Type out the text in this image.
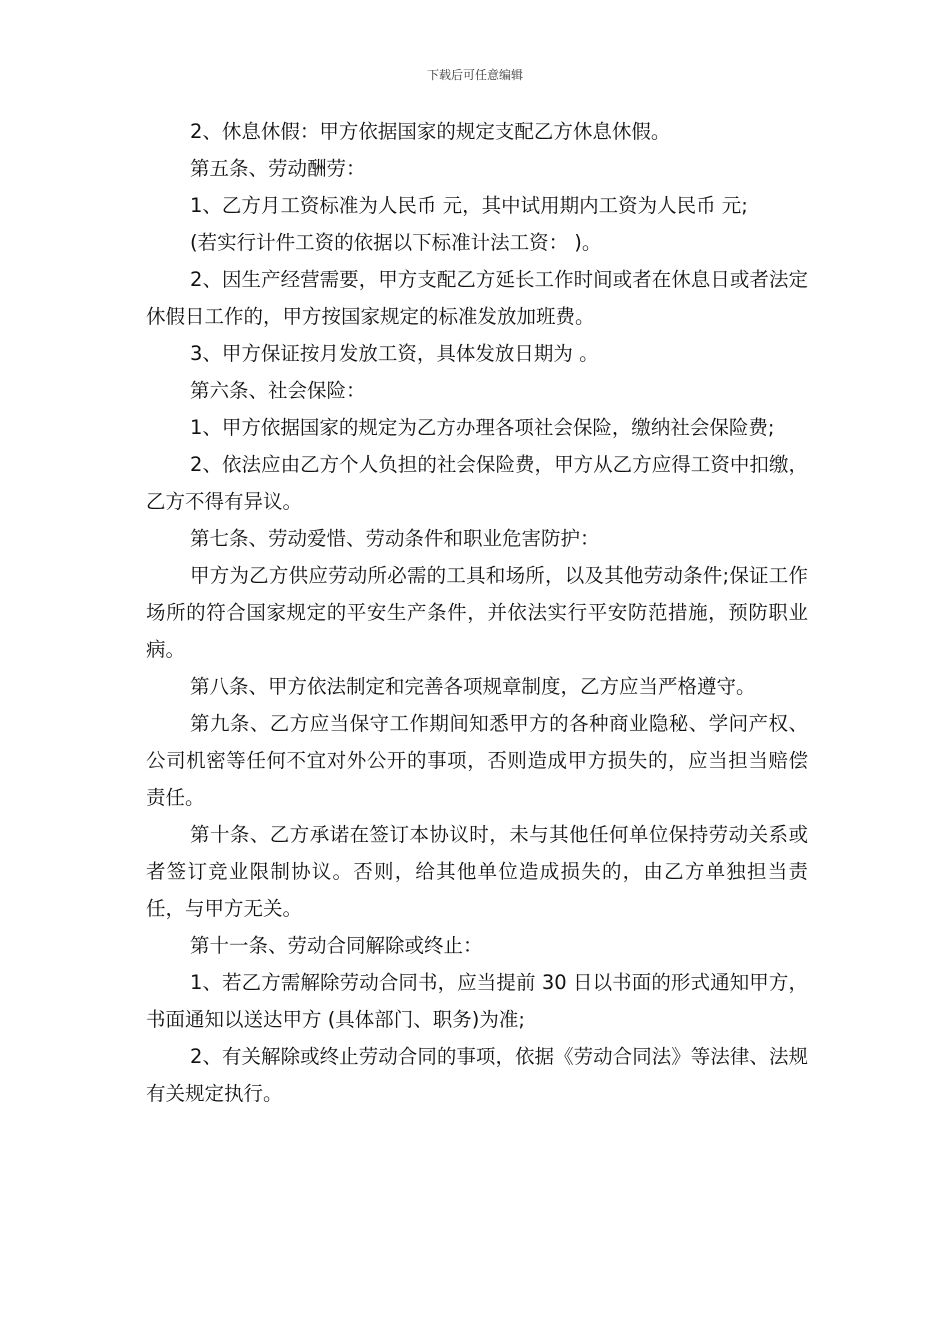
下载后可任意编辑

2、休息休假：甲方依据国家的规定支配乙方休息休假。

第五条、劳动酬劳：

1、乙方月工资标准为人民币 元，其中试用期内工资为人民币 元;

(若实行计件工资的依据以下标准计法工资： )。

2、因生产经营需要，甲方支配乙方延长工作时间或者在休息日或者法定休假日工作的，甲方按国家规定的标准发放加班费。

3、甲方保证按月发放工资，具体发放日期为 。

第六条、社会保险：

1、甲方依据国家的规定为乙方办理各项社会保险，缴纳社会保险费;

2、依法应由乙方个人负担的社会保险费，甲方从乙方应得工资中扣缴，乙方不得有异议。

第七条、劳动爱惜、劳动条件和职业危害防护：

甲方为乙方供应劳动所必需的工具和场所，以及其他劳动条件;保证工作场所的符合国家规定的平安生产条件，并依法实行平安防范措施，预防职业病。

第八条、甲方依法制定和完善各项规章制度，乙方应当严格遵守。

第九条、乙方应当保守工作期间知悉甲方的各种商业隐秘、学问产权、公司机密等任何不宜对外公开的事项，否则造成甲方损失的，应当担当赔偿责任。

第十条、乙方承诺在签订本协议时，未与其他任何单位保持劳动关系或者签订竞业限制协议。否则，给其他单位造成损失的，由乙方单独担当责任，与甲方无关。

第十一条、劳动合同解除或终止：

1、若乙方需解除劳动合同书，应当提前 30 日以书面的形式通知甲方，书面通知以送达甲方 (具体部门、职务)为准;

2、有关解除或终止劳动合同的事项，依据《劳动合同法》等法律、法规有关规定执行。
